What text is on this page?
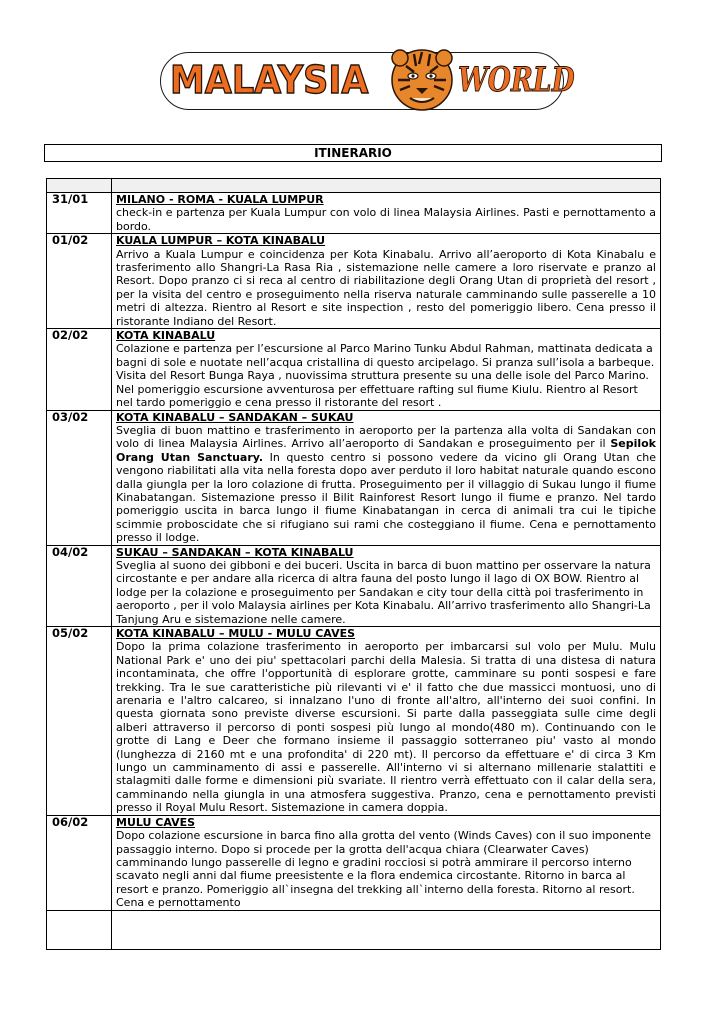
MALAYSIA	WORLD
ITINERARIO

31/01	MILANO - ROMA - KUALA LUMPUR
check-in e partenza per Kuala Lumpur con volo di linea Malaysia Airlines. Pasti e pernottamento a bordo.
01/02	KUALA LUMPUR – KOTA KINABALU
Arrivo a Kuala Lumpur e coincidenza per Kota Kinabalu. Arrivo all’aeroporto di Kota Kinabalu e trasferimento allo Shangri-La Rasa Ria , sistemazione nelle camere a loro riservate e pranzo al Resort. Dopo pranzo ci si reca al centro di riabilitazione degli Orang Utan di proprietà del resort , per la visita del centro e proseguimento nella riserva naturale camminando sulle passerelle a 10 metri di altezza. Rientro al Resort e site inspection , resto del pomeriggio libero. Cena presso il ristorante Indiano del Resort.
02/02	KOTA KINABALU
Colazione e partenza per l’escursione al Parco Marino Tunku Abdul Rahman, mattinata dedicata a bagni di sole e nuotate nell’acqua cristallina di questo arcipelago. Si pranza sull’isola a barbeque. Visita del Resort Bunga Raya , nuovissima struttura presente su una delle isole del Parco Marino. Nel pomeriggio escursione avventurosa per effettuare rafting sul fiume Kiulu. Rientro al Resort nel tardo pomeriggio e cena presso il ristorante del resort .
03/02	KOTA KINABALU – SANDAKAN – SUKAU
Sveglia di buon mattino e trasferimento in aeroporto per la partenza alla volta di Sandakan con volo di linea Malaysia Airlines. Arrivo all’aeroporto di Sandakan e proseguimento per il Sepilok Orang Utan Sanctuary. In questo centro si possono vedere da vicino gli Orang Utan che vengono riabilitati alla vita nella foresta dopo aver perduto il loro habitat naturale quando escono dalla giungla per la loro colazione di frutta. Proseguimento per il villaggio di Sukau lungo il fiume Kinabatangan. Sistemazione presso il Bilit Rainforest Resort lungo il fiume e pranzo. Nel tardo pomeriggio uscita in barca lungo il fiume Kinabatangan in cerca di animali tra cui le tipiche scimmie proboscidate che si rifugiano sui rami che costeggiano il fiume. Cena e pernottamento presso il lodge.
04/02	SUKAU – SANDAKAN – KOTA KINABALU
Sveglia al suono dei gibboni e dei buceri. Uscita in barca di buon mattino per osservare la natura circostante e per andare alla ricerca di altra fauna del posto lungo il lago di OX BOW. Rientro al lodge per la colazione e proseguimento per Sandakan e city tour della città poi trasferimento in aeroporto , per il volo Malaysia airlines per Kota Kinabalu. All’arrivo trasferimento allo Shangri-La Tanjung Aru e sistemazione nelle camere.
05/02	KOTA KINABALU – MULU - MULU CAVES
Dopo la prima colazione trasferimento in aeroporto per imbarcarsi sul volo per Mulu. Mulu National Park e' uno dei piu' spettacolari parchi della Malesia. Si tratta di una distesa di natura incontaminata, che offre l'opportunità di esplorare grotte, camminare su ponti sospesi e fare trekking. Tra le sue caratteristiche più rilevanti vi e' il fatto che due massicci montuosi, uno di arenaria e l'altro calcareo, si innalzano l'uno di fronte all'altro, all'interno dei suoi confini. In questa giornata sono previste diverse escursioni. Si parte dalla passeggiata sulle cime degli alberi attraverso il percorso di ponti sospesi più lungo al mondo(480 m). Continuando con le grotte di Lang e Deer che formano insieme il passaggio sotterraneo piu' vasto al mondo (lunghezza di 2160 mt e una profondita' di 220 mt). Il percorso da effettuare e' di circa 3 Km lungo un camminamento di assi e passerelle. All'interno vi si alternano millenarie stalattiti e stalagmiti dalle forme e dimensioni più svariate. Il rientro verrà effettuato con il calar della sera, camminando nella giungla in una atmosfera suggestiva. Pranzo, cena e pernottamento previsti presso il Royal Mulu Resort. Sistemazione in camera doppia.
06/02	MULU CAVES
Dopo colazione escursione in barca fino alla grotta del vento (Winds Caves) con il suo imponente passaggio interno. Dopo si procede per la grotta dell'acqua chiara (Clearwater Caves) camminando lungo passerelle di legno e gradini rocciosi si potrà ammirare il percorso interno scavato negli anni dal fiume preesistente e la flora endemica circostante. Ritorno in barca al resort e pranzo. Pomeriggio all`insegna del trekking all`interno della foresta. Ritorno al resort. Cena e pernottamento
